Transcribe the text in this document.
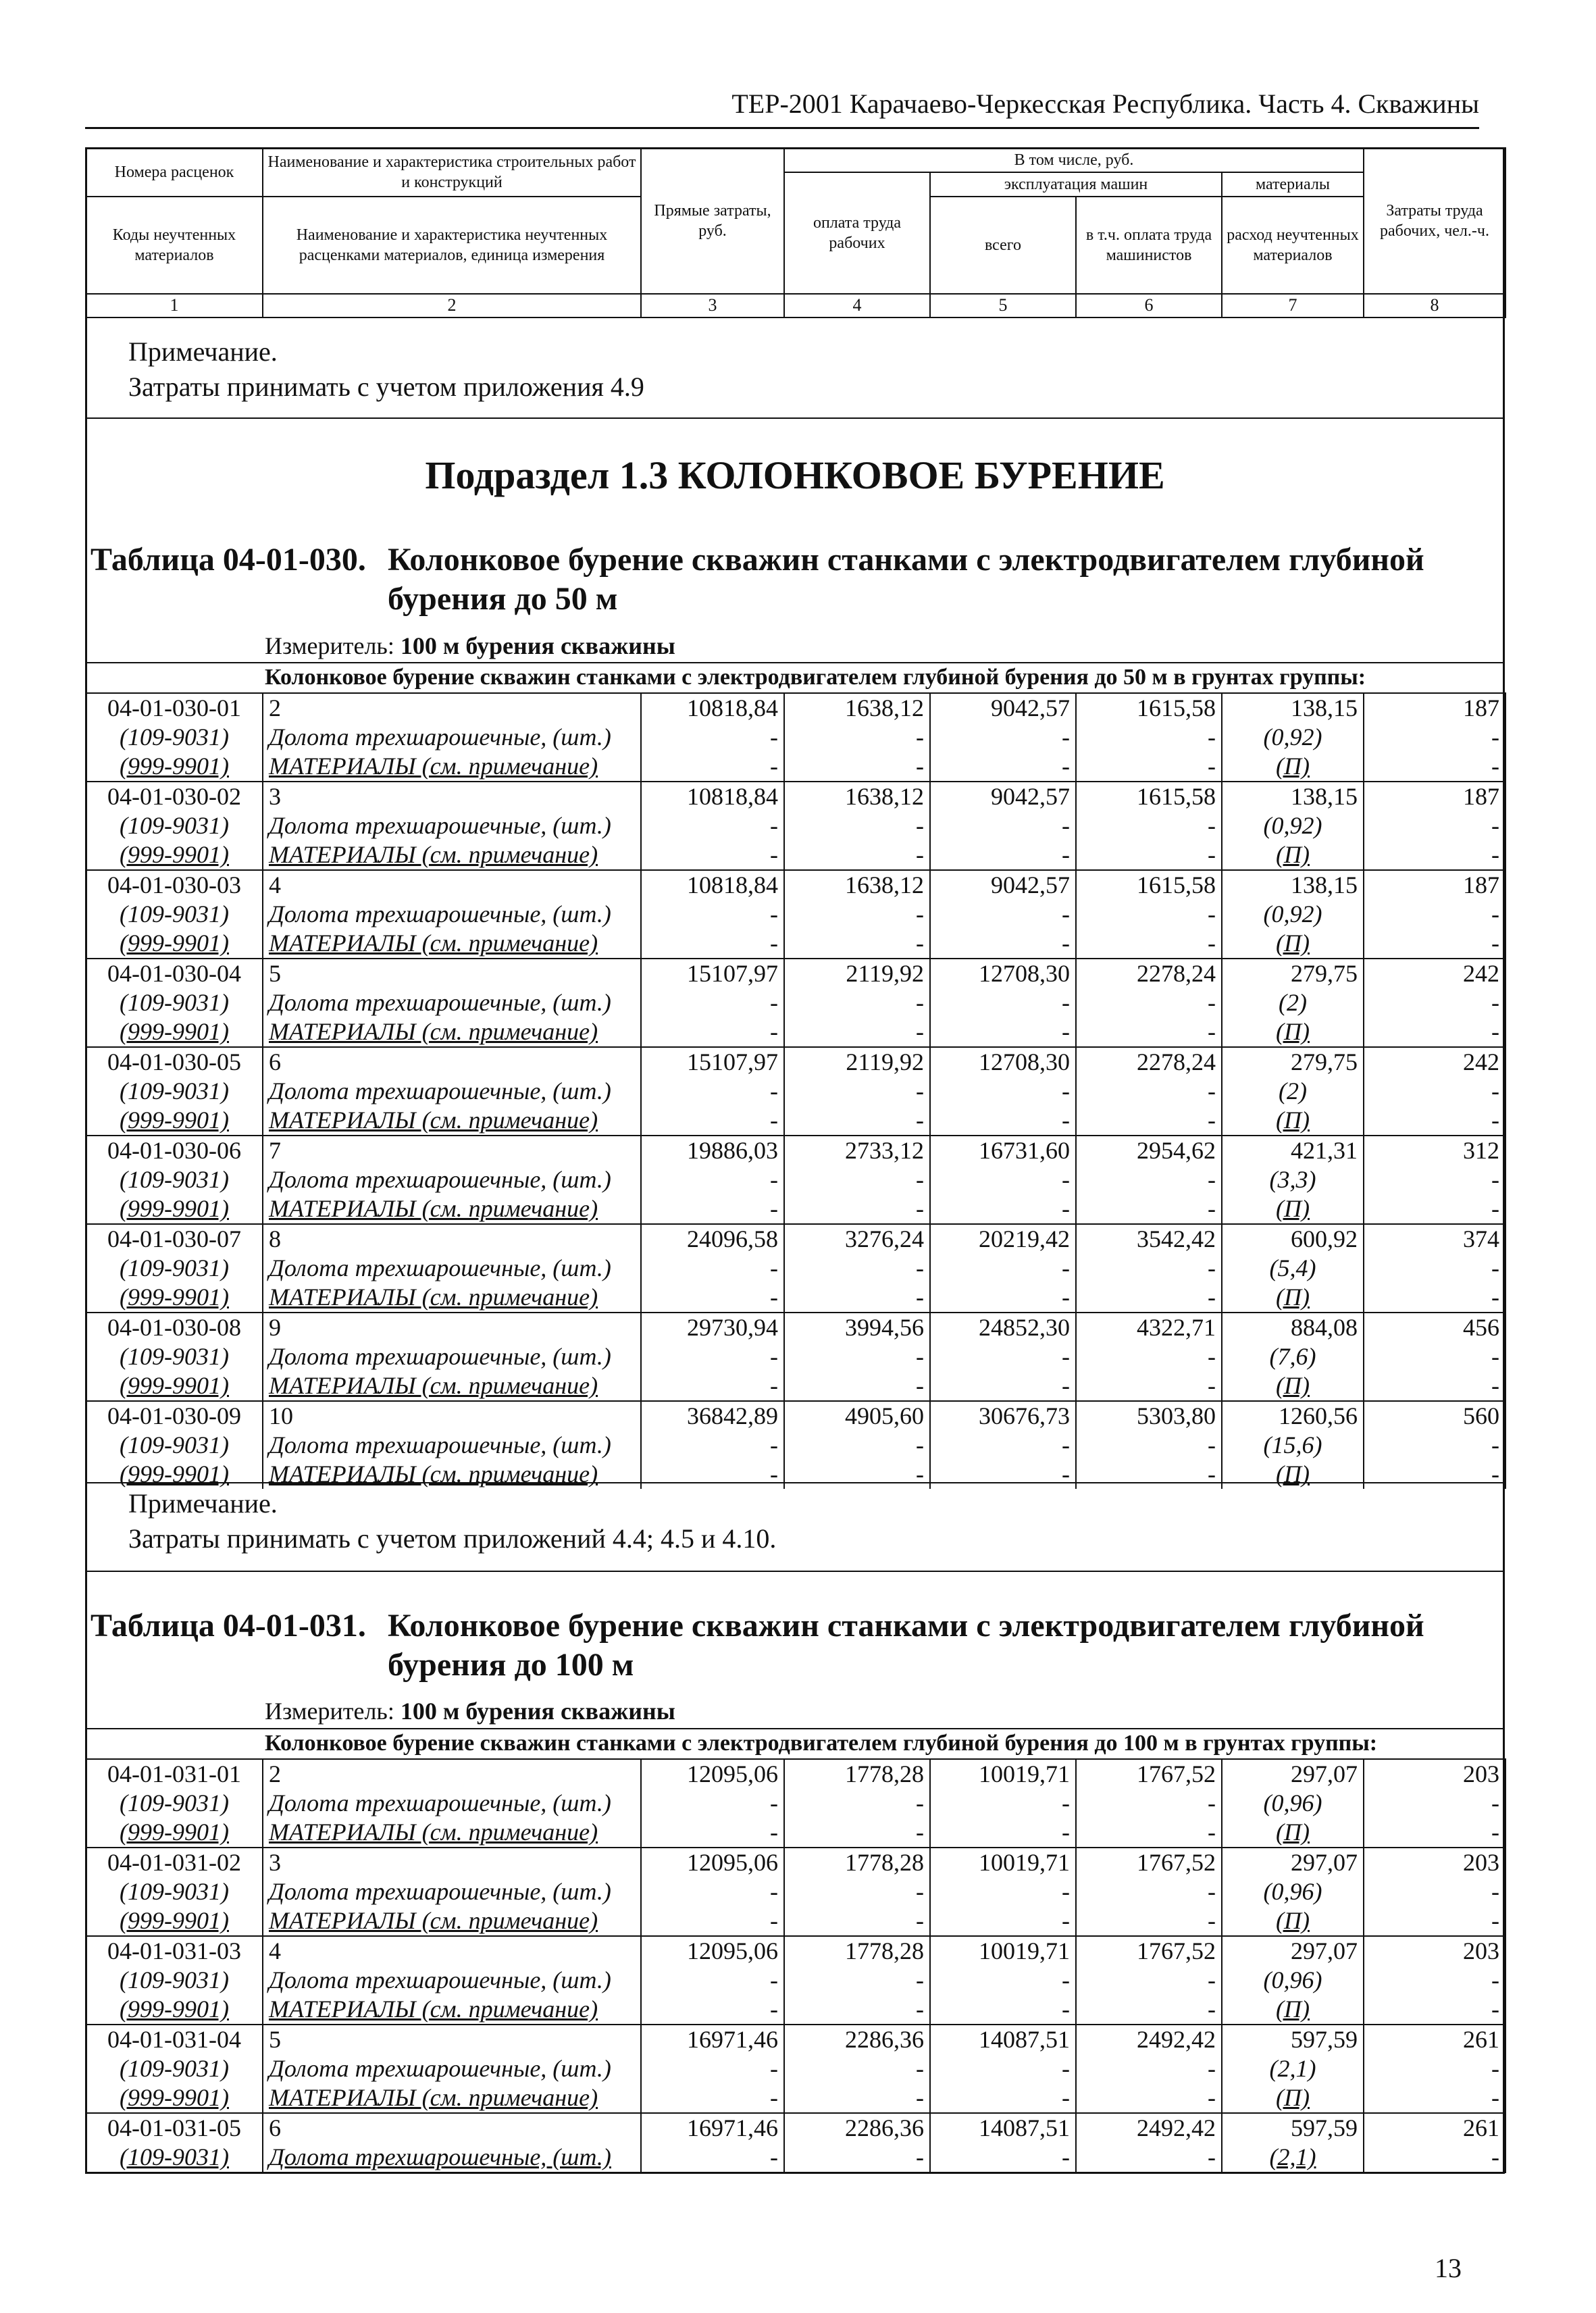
ТЕР-2001 Карачаево-Черкесская Республика. Часть 4. Скважины
Номера расценок	Наименование и характеристика строительных работ и конструкций	Прямые затраты, руб.	В том числе, руб.				Затраты труда рабочих, чел.-ч.
			оплата труда рабочих	эксплуатация машин		материалы	
Коды неучтенных материалов	Наименование и характеристика неучтенных расценками материалов, единица измерения			всего	в т.ч. оплата труда машинистов	расход неучтенных материалов	

1	2	3	4	5	6	7	8
Примечание.
Затраты принимать с учетом приложения 4.9
Подраздел 1.3 КОЛОНКОВОЕ БУРЕНИЕ
Таблица 04-01-030. Колонковое бурение скважин станками с электродвигателем глубиной
бурения до 50 м
Измеритель: 100 м бурения скважины
Колонковое бурение скважин станками с электродвигателем глубиной бурения до 50 м в грунтах группы:
04-01-030-01	2	10818,84	1638,12	9042,57	1615,58	138,15	187
(109-9031)	Долота трехшарошечные, (шт.)	-	-	-	-	(0,92)	-
(999-9901)	МАТЕРИАЛЫ (см. примечание)	-	-	-	-	(П)	-
04-01-030-02	3	10818,84	1638,12	9042,57	1615,58	138,15	187
(109-9031)	Долота трехшарошечные, (шт.)	-	-	-	-	(0,92)	-
(999-9901)	МАТЕРИАЛЫ (см. примечание)	-	-	-	-	(П)	-
04-01-030-03	4	10818,84	1638,12	9042,57	1615,58	138,15	187
(109-9031)	Долота трехшарошечные, (шт.)	-	-	-	-	(0,92)	-
(999-9901)	МАТЕРИАЛЫ (см. примечание)	-	-	-	-	(П)	-
04-01-030-04	5	15107,97	2119,92	12708,30	2278,24	279,75	242
(109-9031)	Долота трехшарошечные, (шт.)	-	-	-	-	(2)	-
(999-9901)	МАТЕРИАЛЫ (см. примечание)	-	-	-	-	(П)	-
04-01-030-05	6	15107,97	2119,92	12708,30	2278,24	279,75	242
(109-9031)	Долота трехшарошечные, (шт.)	-	-	-	-	(2)	-
(999-9901)	МАТЕРИАЛЫ (см. примечание)	-	-	-	-	(П)	-
04-01-030-06	7	19886,03	2733,12	16731,60	2954,62	421,31	312
(109-9031)	Долота трехшарошечные, (шт.)	-	-	-	-	(3,3)	-
(999-9901)	МАТЕРИАЛЫ (см. примечание)	-	-	-	-	(П)	-
04-01-030-07	8	24096,58	3276,24	20219,42	3542,42	600,92	374
(109-9031)	Долота трехшарошечные, (шт.)	-	-	-	-	(5,4)	-
(999-9901)	МАТЕРИАЛЫ (см. примечание)	-	-	-	-	(П)	-
04-01-030-08	9	29730,94	3994,56	24852,30	4322,71	884,08	456
(109-9031)	Долота трехшарошечные, (шт.)	-	-	-	-	(7,6)	-
(999-9901)	МАТЕРИАЛЫ (см. примечание)	-	-	-	-	(П)	-
04-01-030-09	10	36842,89	4905,60	30676,73	5303,80	1260,56	560
(109-9031)	Долота трехшарошечные, (шт.)	-	-	-	-	(15,6)	-
(999-9901)	МАТЕРИАЛЫ (см. примечание)	-	-	-	-	(П)	-
Примечание.
Затраты принимать с учетом приложений 4.4; 4.5 и 4.10.
Таблица 04-01-031. Колонковое бурение скважин станками с электродвигателем глубиной
бурения до 100 м
Измеритель: 100 м бурения скважины
Колонковое бурение скважин станками с электродвигателем глубиной бурения до 100 м в грунтах группы:
04-01-031-01	2	12095,06	1778,28	10019,71	1767,52	297,07	203
(109-9031)	Долота трехшарошечные, (шт.)	-	-	-	-	(0,96)	-
(999-9901)	МАТЕРИАЛЫ (см. примечание)	-	-	-	-	(П)	-
04-01-031-02	3	12095,06	1778,28	10019,71	1767,52	297,07	203
(109-9031)	Долота трехшарошечные, (шт.)	-	-	-	-	(0,96)	-
(999-9901)	МАТЕРИАЛЫ (см. примечание)	-	-	-	-	(П)	-
04-01-031-03	4	12095,06	1778,28	10019,71	1767,52	297,07	203
(109-9031)	Долота трехшарошечные, (шт.)	-	-	-	-	(0,96)	-
(999-9901)	МАТЕРИАЛЫ (см. примечание)	-	-	-	-	(П)	-
04-01-031-04	5	16971,46	2286,36	14087,51	2492,42	597,59	261
(109-9031)	Долота трехшарошечные, (шт.)	-	-	-	-	(2,1)	-
(999-9901)	МАТЕРИАЛЫ (см. примечание)	-	-	-	-	(П)	-
04-01-031-05	6	16971,46	2286,36	14087,51	2492,42	597,59	261
(109-9031)	Долота трехшарошечные, (шт.)	-	-	-	-	(2,1)	-
13
